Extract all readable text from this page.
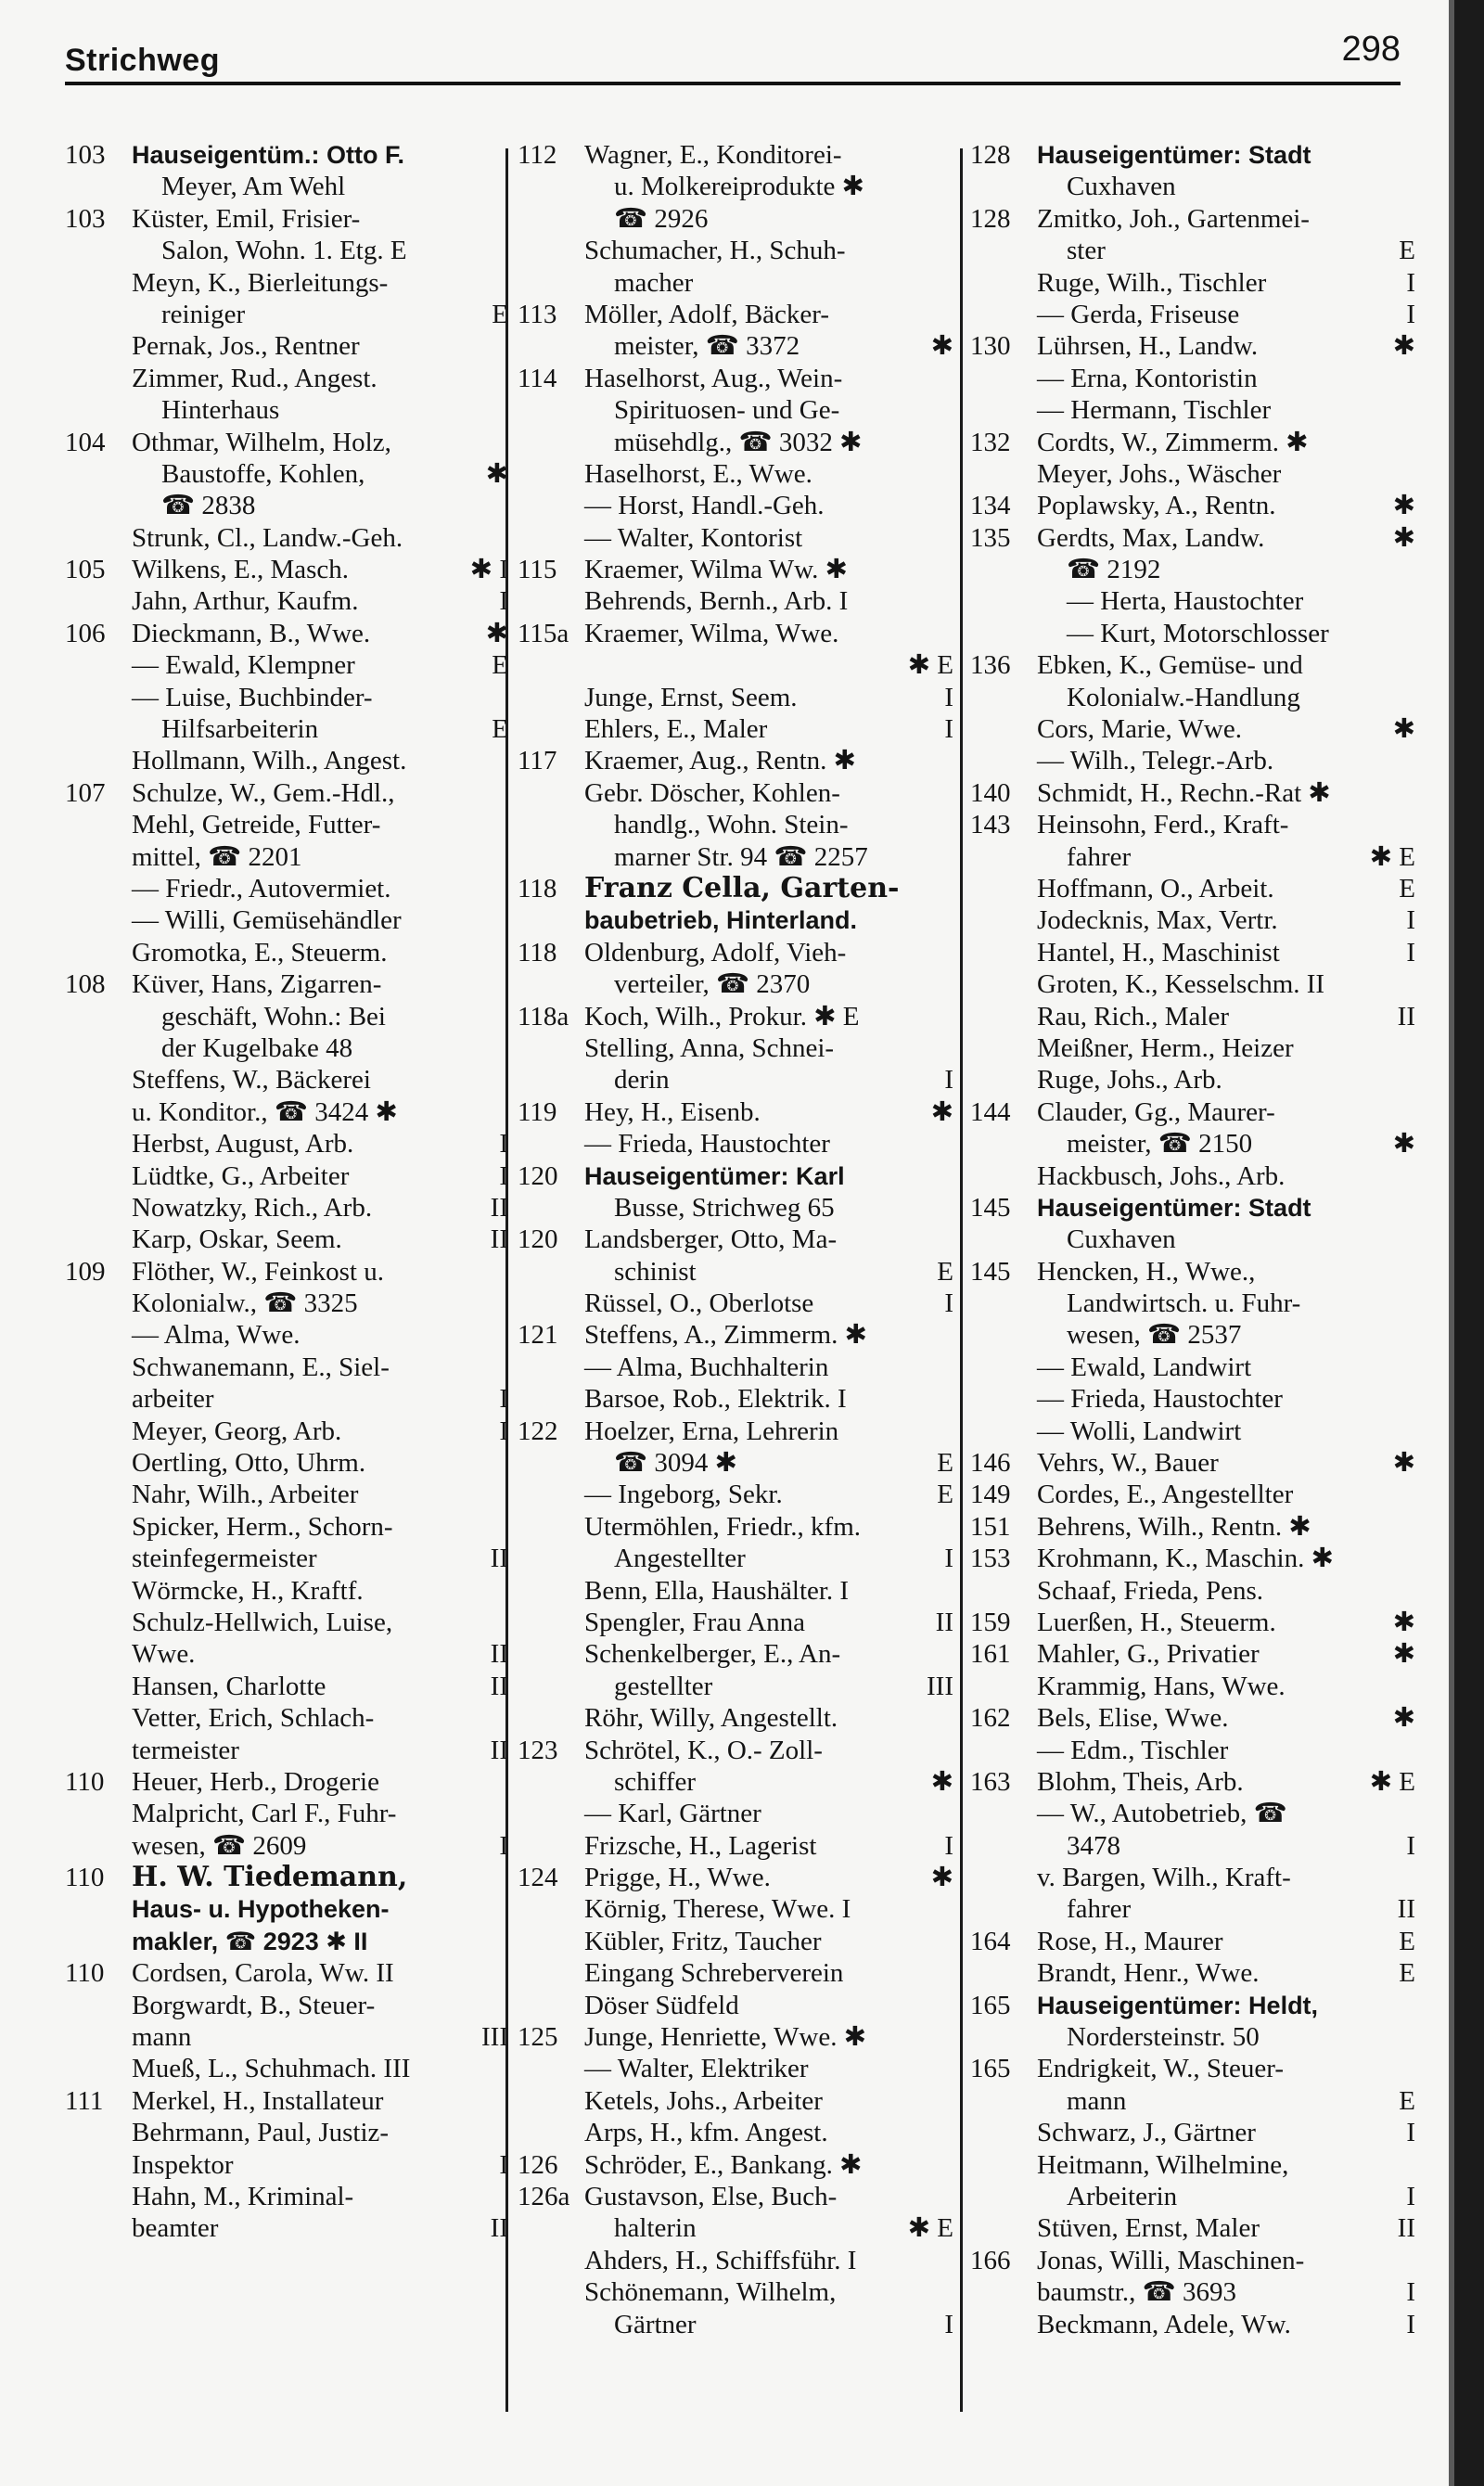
Strichweg	298
103 Hauseigentüm.: Otto F.
Meyer, Am Wehl
103 Küster, Emil, Frisier-
Salon, Wohn. 1. Etg. E
Meyn, K., Bierleitungs-
reiniger	E
Pernak, Jos., Rentner
Zimmer, Rud., Angest.
Hinterhaus
104 Othmar, Wilhelm, Holz,
Baustoffe, Kohlen,	✱
☎ 2838
Strunk, Cl., Landw.-Geh.
105 Wilkens, E., Masch.	✱ I
Jahn, Arthur, Kaufm.	I
106 Dieckmann, B., Wwe.	✱
— Ewald, Klempner	E
— Luise, Buchbinder-
Hilfsarbeiterin	E
Hollmann, Wilh., Angest.
107 Schulze, W., Gem.-Hdl.,
Mehl, Getreide, Futter-
mittel, ☎ 2201
— Friedr., Autovermiet.
— Willi, Gemüsehändler
Gromotka, E., Steuerm.
108 Küver, Hans, Zigarren-
geschäft, Wohn.: Bei
der Kugelbake 48
Steffens, W., Bäckerei
u. Konditor., ☎ 3424 ✱
Herbst, August, Arb.	I
Lüdtke, G., Arbeiter	I
Nowatzky, Rich., Arb.	II
Karp, Oskar, Seem.	II
109 Flöther, W., Feinkost u.
Kolonialw., ☎ 3325
— Alma, Wwe.
Schwanemann, E., Siel-
arbeiter	I
Meyer, Georg, Arb.	I
Oertling, Otto, Uhrm.
Nahr, Wilh., Arbeiter
Spicker, Herm., Schorn-
steinfegermeister	II
Wörmcke, H., Kraftf.
Schulz-Hellwich, Luise,
Wwe.	II
Hansen, Charlotte	II
Vetter, Erich, Schlach-
termeister	II
110 Heuer, Herb., Drogerie
Malpricht, Carl F., Fuhr-
wesen, ☎ 2609	I
110 H. W. Tiedemann,
Haus- u. Hypotheken-
makler, ☎ 2923 ✱ II
110 Cordsen, Carola, Ww. II
Borgwardt, B., Steuer-
mann	III
Mueß, L., Schuhmach. III
111 Merkel, H., Installateur
Behrmann, Paul, Justiz-
Inspektor	I
Hahn, M., Kriminal-
beamter	II
112 Wagner, E., Konditorei-
u. Molkereiprodukte ✱
☎ 2926
Schumacher, H., Schuh-
macher
113 Möller, Adolf, Bäcker-
meister, ☎ 3372	✱
114 Haselhorst, Aug., Wein-
Spirituosen- und Ge-
müsehdlg., ☎ 3032 ✱
Haselhorst, E., Wwe.
— Horst, Handl.-Geh.
— Walter, Kontorist
115 Kraemer, Wilma Ww. ✱
Behrends, Bernh., Arb. I
115a Kraemer, Wilma, Wwe.
✱ E
Junge, Ernst, Seem.	I
Ehlers, E., Maler	I
117 Kraemer, Aug., Rentn. ✱
Gebr. Döscher, Kohlen-
handlg., Wohn. Stein-
marner Str. 94 ☎ 2257
118 Franz Cella, Garten-
baubetrieb, Hinterland.
118 Oldenburg, Adolf, Vieh-
verteiler, ☎ 2370
118a Koch, Wilh., Prokur. ✱ E
Stelling, Anna, Schnei-
derin	I
119 Hey, H., Eisenb.	✱
— Frieda, Haustochter
120 Hauseigentümer: Karl
Busse, Strichweg 65
120 Landsberger, Otto, Ma-
schinist	E
Rüssel, O., Oberlotse	I
121 Steffens, A., Zimmerm. ✱
— Alma, Buchhalterin
Barsoe, Rob., Elektrik. I
122 Hoelzer, Erna, Lehrerin
☎ 3094 ✱	E
— Ingeborg, Sekr.	E
Utermöhlen, Friedr., kfm.
Angestellter	I
Benn, Ella, Haushälter. I
Spengler, Frau Anna	II
Schenkelberger, E., An-
gestellter	III
Röhr, Willy, Angestellt.
123 Schrötel, K., O.- Zoll-
schiffer	✱
— Karl, Gärtner
Frizsche, H., Lagerist	I
124 Prigge, H., Wwe.	✱
Körnig, Therese, Wwe. I
Kübler, Fritz, Taucher
Eingang Schreberverein
Döser Südfeld
125 Junge, Henriette, Wwe. ✱
— Walter, Elektriker
Ketels, Johs., Arbeiter
Arps, H., kfm. Angest.
126 Schröder, E., Bankang. ✱
126a Gustavson, Else, Buch-
halterin	✱ E
Ahders, H., Schiffsführ. I
Schönemann, Wilhelm,
Gärtner	I
128 Hauseigentümer: Stadt
Cuxhaven
128 Zmitko, Joh., Gartenmei-
ster	E
Ruge, Wilh., Tischler	I
— Gerda, Friseuse	I
130 Lührsen, H., Landw.	✱
— Erna, Kontoristin
— Hermann, Tischler
132 Cordts, W., Zimmerm. ✱
Meyer, Johs., Wäscher
134 Poplawsky, A., Rentn.	✱
135 Gerdts, Max, Landw.	✱
☎ 2192
— Herta, Haustochter
— Kurt, Motorschlosser
136 Ebken, K., Gemüse- und
Kolonialw.-Handlung
Cors, Marie, Wwe.	✱
— Wilh., Telegr.-Arb.
140 Schmidt, H., Rechn.-Rat ✱
143 Heinsohn, Ferd., Kraft-
fahrer	✱ E
Hoffmann, O., Arbeit.	E
Jodecknis, Max, Vertr.	I
Hantel, H., Maschinist	I
Groten, K., Kesselschm. II
Rau, Rich., Maler	II
Meißner, Herm., Heizer
Ruge, Johs., Arb.
144 Clauder, Gg., Maurer-
meister, ☎ 2150	✱
Hackbusch, Johs., Arb.
145 Hauseigentümer: Stadt
Cuxhaven
145 Hencken, H., Wwe.,
Landwirtsch. u. Fuhr-
wesen, ☎ 2537
— Ewald, Landwirt
— Frieda, Haustochter
— Wolli, Landwirt
146 Vehrs, W., Bauer	✱
149 Cordes, E., Angestellter
151 Behrens, Wilh., Rentn. ✱
153 Krohmann, K., Maschin. ✱
Schaaf, Frieda, Pens.
159 Luerßen, H., Steuerm.	✱
161 Mahler, G., Privatier	✱
Krammig, Hans, Wwe.
162 Bels, Elise, Wwe.	✱
— Edm., Tischler
163 Blohm, Theis, Arb.	✱ E
— W., Autobetrieb, ☎
3478	I
v. Bargen, Wilh., Kraft-
fahrer	II
164 Rose, H., Maurer	E
Brandt, Henr., Wwe.	E
165 Hauseigentümer: Heldt,
Nordersteinstr. 50
165 Endrigkeit, W., Steuer-
mann	E
Schwarz, J., Gärtner	I
Heitmann, Wilhelmine,
Arbeiterin	I
Stüven, Ernst, Maler	II
166 Jonas, Willi, Maschinen-
baumstr., ☎ 3693	I
Beckmann, Adele, Ww.	I
